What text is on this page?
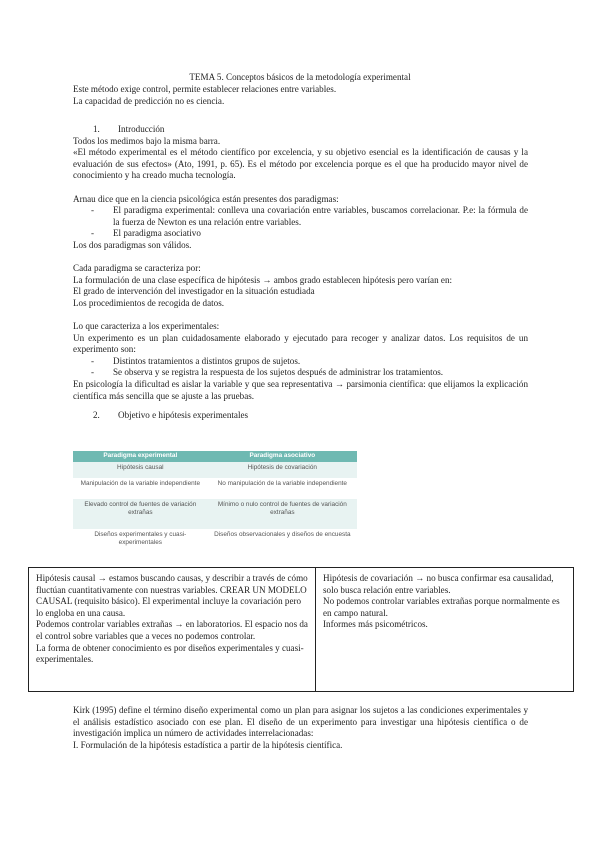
TEMA 5. Conceptos básicos de la metodología experimental

Este método exige control, permite establecer relaciones entre variables.

La capacidad de predicción no es ciencia.

1. Introducción

Todos los medimos bajo la misma barra.

«El método experimental es el método científico por excelencia, y su objetivo esencial es la identificación de causas y la evaluación de sus efectos» (Ato, 1991, p. 65). Es el método por excelencia porque es el que ha producido mayor nivel de conocimiento y ha creado mucha tecnología.

Arnau dice que en la ciencia psicológica están presentes dos paradigmas:

- El paradigma experimental: conlleva una covariación entre variables, buscamos correlacionar. P.e: la fórmula de la fuerza de Newton es una relación entre variables.
- El paradigma asociativo

Los dos paradigmas son válidos.

Cada paradigma se caracteriza por:

La formulación de una clase específica de hipótesis → ambos grado establecen hipótesis pero varían en:

El grado de intervención del investigador en la situación estudiada

Los procedimientos de recogida de datos.

Lo que caracteriza a los experimentales:

Un experimento es un plan cuidadosamente elaborado y ejecutado para recoger y analizar datos. Los requisitos de un experimento son:

- Distintos tratamientos a distintos grupos de sujetos.
- Se observa y se registra la respuesta de los sujetos después de administrar los tratamientos.

En psicología la dificultad es aislar la variable y que sea representativa → parsimonia científica: que elijamos la explicación científica más sencilla que se ajuste a las pruebas.

2. Objetivo e hipótesis experimentales

Paradigma experimental	Paradigma asociativo
Hipótesis causal	Hipótesis de covariación
Manipulación de la variable independiente	No manipulación de la variable independiente
Elevado control de fuentes de variación extrañas	Mínimo o nulo control de fuentes de variación extrañas
Diseños experimentales y cuasi-experimentales	Diseños observacionales y diseños de encuesta

Hipótesis causal → estamos buscando causas, y describir a través de cómo fluctúan cuantitativamente con nuestras variables. CREAR UN MODELO CAUSAL (requisito básico). El experimental incluye la covariación pero lo engloba en una causa.

Podemos controlar variables extrañas → en laboratorios. El espacio nos da el control sobre variables que a veces no podemos controlar.

La forma de obtener conocimiento es por diseños experimentales y cuasi-experimentales.

Hipótesis de covariación → no busca confirmar esa causalidad, solo busca relación entre variables.

No podemos controlar variables extrañas porque normalmente es en campo natural.

Informes más psicométricos.

Kirk (1995) define el término diseño experimental como un plan para asignar los sujetos a las condiciones experimentales y el análisis estadístico asociado con ese plan. El diseño de un experimento para investigar una hipótesis científica o de investigación implica un número de actividades interrelacionadas:

I. Formulación de la hipótesis estadística a partir de la hipótesis científica.
